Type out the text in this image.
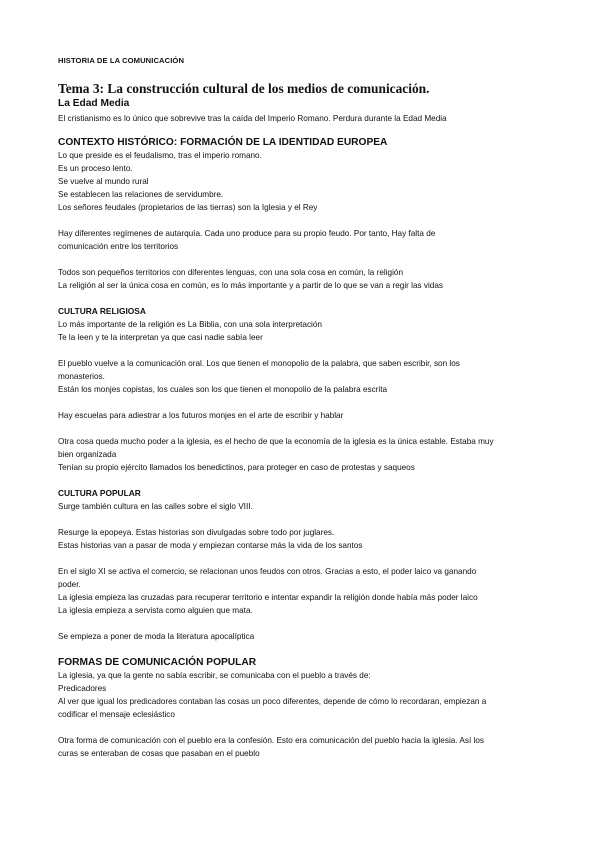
HISTORIA DE LA COMUNICACIÓN

Tema 3: La construcción cultural de los medios de comunicación.

La Edad Media

El cristianismo es lo único que sobrevive tras la caída del Imperio Romano. Perdura durante la Edad Media

CONTEXTO HISTÓRICO: FORMACIÓN DE LA IDENTIDAD EUROPEA

Lo que preside es el feudalismo, tras el imperio romano.

Es un proceso lento.

Se vuelve al mundo rural

Se establecen las relaciones de servidumbre.

Los señores feudales (propietarios de las tierras) son la Iglesia y el Rey

Hay diferentes regímenes de autarquía. Cada uno produce para su propio feudo. Por tanto, Hay falta de

comunicación entre los territorios

Todos son pequeños territorios con diferentes lenguas, con una sola cosa en común, la religión

La religión al ser la única cosa en común, es lo más importante y a partir de lo que se van a regir las vidas

CULTURA RELIGIOSA

Lo más importante de la religión es La Biblia, con una sola interpretación

Te la leen y te la interpretan ya que casi nadie sabía leer

El pueblo vuelve a la comunicación oral. Los que tienen el monopolio de la palabra, que saben escribir, son los

monasterios.

Están los monjes copistas, los cuales son los que tienen el monopolio de la palabra escrita

Hay escuelas para adiestrar a los futuros monjes en el arte de escribir y hablar

Otra cosa queda mucho poder a la iglesia, es el hecho de que la economía de la iglesia es la única estable. Estaba muy

bien organizada

Tenían su propio ejército llamados los benedictinos, para proteger en caso de protestas y saqueos

CULTURA POPULAR

Surge también cultura en las calles sobre el siglo VIII.

Resurge la epopeya. Estas historias son divulgadas sobre todo por juglares.

Estas historias van a pasar de moda y empiezan contarse más la vida de los santos

En el siglo XI se activa el comercio, se relacionan unos feudos con otros. Gracias a esto, el poder laico va ganando

poder.

La iglesia empieza las cruzadas para recuperar territorio e intentar expandir la religión donde había más poder laico

La iglesia empieza a servista como alguien que mata.

Se empieza a poner de moda la literatura apocalíptica

FORMAS DE COMUNICACIÓN POPULAR

La iglesia, ya que la gente no sabía escribir, se comunicaba con el pueblo a través de:

Predicadores

Al ver que igual los predicadores contaban las cosas un poco diferentes, depende de cómo lo recordaran, empiezan a

codificar el mensaje eclesiástico

Otra forma de comunicación con el pueblo era la confesión. Esto era comunicación del pueblo hacia la iglesia. Así los

curas se enteraban de cosas que pasaban en el pueblo
